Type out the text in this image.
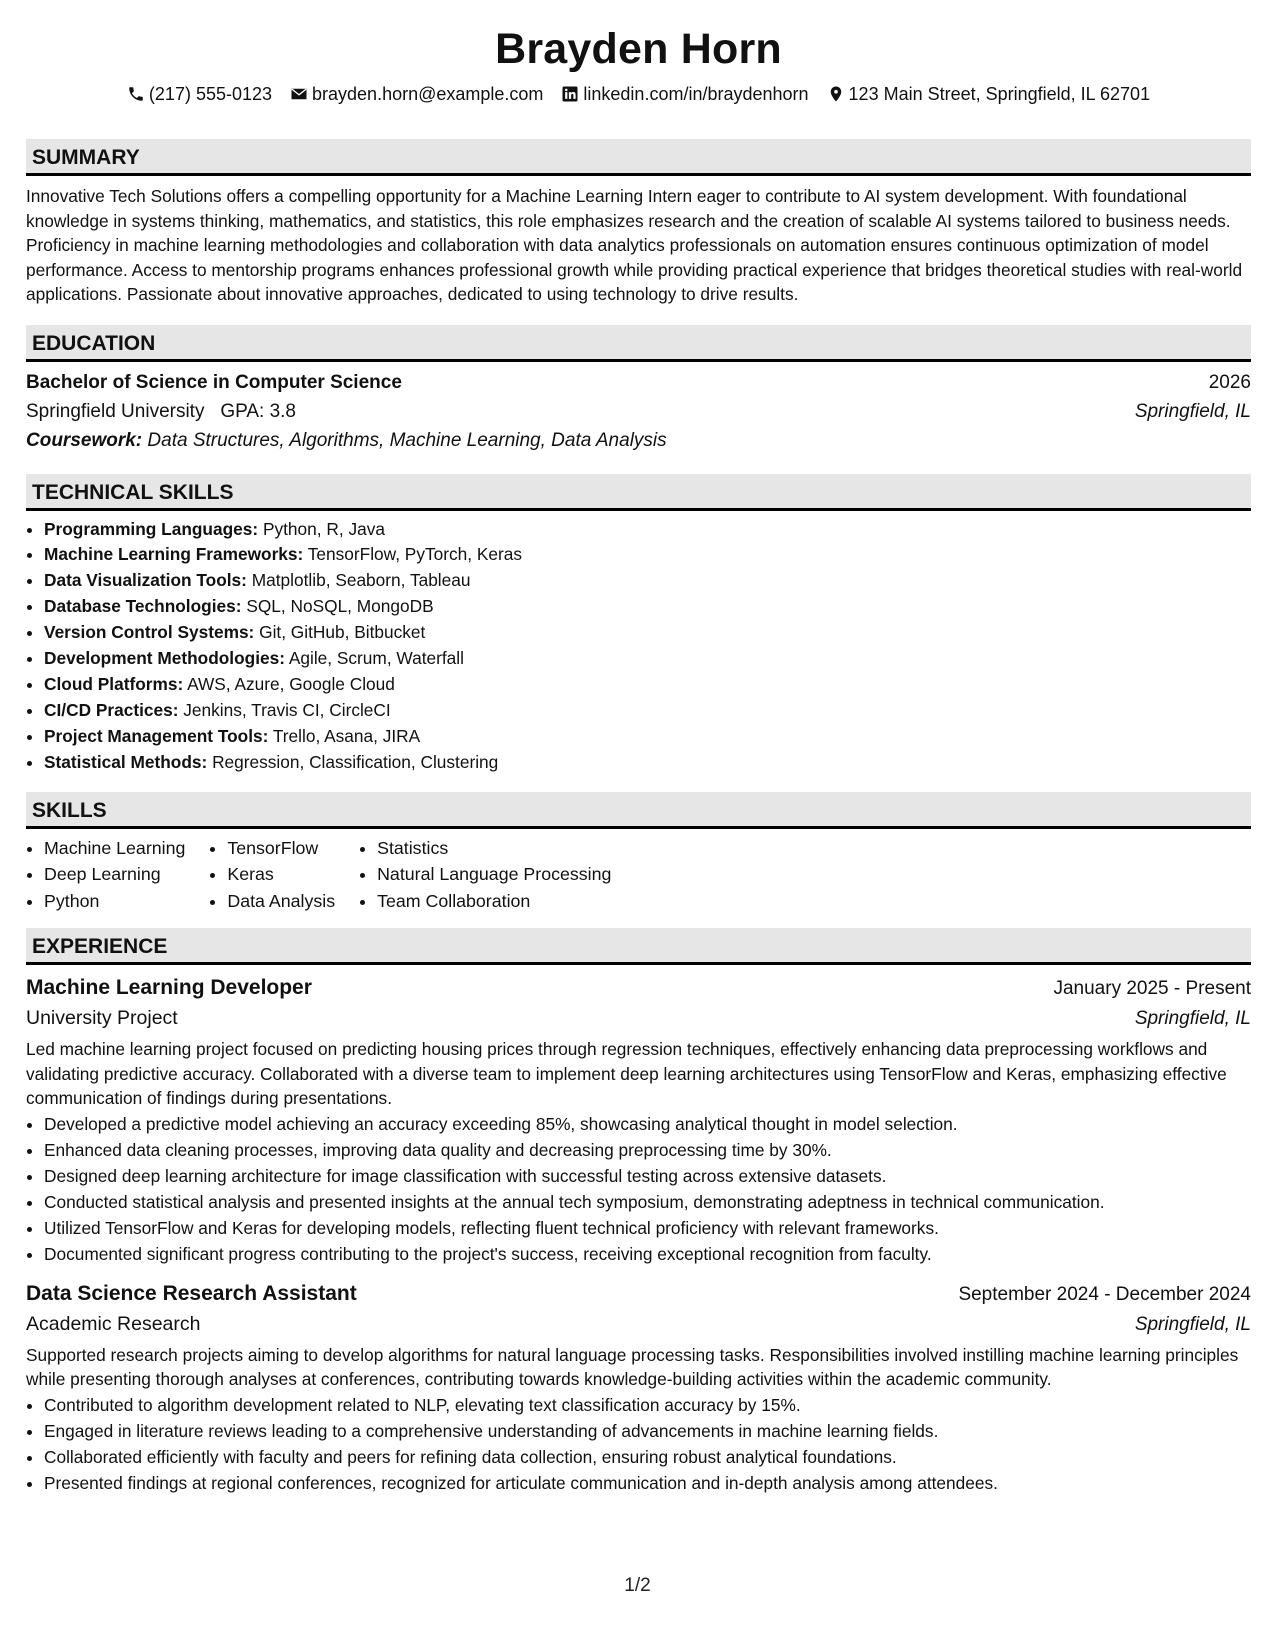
Brayden Horn
(217) 555-0123 brayden.horn@example.com linkedin.com/in/braydenhorn 123 Main Street, Springfield, IL 62701
SUMMARY
Innovative Tech Solutions offers a compelling opportunity for a Machine Learning Intern eager to contribute to AI system development. With foundational knowledge in systems thinking, mathematics, and statistics, this role emphasizes research and the creation of scalable AI systems tailored to business needs. Proficiency in machine learning methodologies and collaboration with data analytics professionals on automation ensures continuous optimization of model performance. Access to mentorship programs enhances professional growth while providing practical experience that bridges theoretical studies with real-world applications. Passionate about innovative approaches, dedicated to using technology to drive results.
EDUCATION
Bachelor of Science in Computer Science	2026
Springfield University GPA: 3.8	Springfield, IL
Coursework: Data Structures, Algorithms, Machine Learning, Data Analysis
TECHNICAL SKILLS
• Programming Languages: Python, R, Java
• Machine Learning Frameworks: TensorFlow, PyTorch, Keras
• Data Visualization Tools: Matplotlib, Seaborn, Tableau
• Database Technologies: SQL, NoSQL, MongoDB
• Version Control Systems: Git, GitHub, Bitbucket
• Development Methodologies: Agile, Scrum, Waterfall
• Cloud Platforms: AWS, Azure, Google Cloud
• CI/CD Practices: Jenkins, Travis CI, CircleCI
• Project Management Tools: Trello, Asana, JIRA
• Statistical Methods: Regression, Classification, Clustering
SKILLS
• Machine Learning
• Deep Learning
• Python
• TensorFlow
• Keras
• Data Analysis
• Statistics
• Natural Language Processing
• Team Collaboration
EXPERIENCE
Machine Learning Developer	January 2025 - Present
University Project	Springfield, IL
Led machine learning project focused on predicting housing prices through regression techniques, effectively enhancing data preprocessing workflows and validating predictive accuracy. Collaborated with a diverse team to implement deep learning architectures using TensorFlow and Keras, emphasizing effective communication of findings during presentations.
• Developed a predictive model achieving an accuracy exceeding 85%, showcasing analytical thought in model selection.
• Enhanced data cleaning processes, improving data quality and decreasing preprocessing time by 30%.
• Designed deep learning architecture for image classification with successful testing across extensive datasets.
• Conducted statistical analysis and presented insights at the annual tech symposium, demonstrating adeptness in technical communication.
• Utilized TensorFlow and Keras for developing models, reflecting fluent technical proficiency with relevant frameworks.
• Documented significant progress contributing to the project's success, receiving exceptional recognition from faculty.
Data Science Research Assistant	September 2024 - December 2024
Academic Research	Springfield, IL
Supported research projects aiming to develop algorithms for natural language processing tasks. Responsibilities involved instilling machine learning principles while presenting thorough analyses at conferences, contributing towards knowledge-building activities within the academic community.
• Contributed to algorithm development related to NLP, elevating text classification accuracy by 15%.
• Engaged in literature reviews leading to a comprehensive understanding of advancements in machine learning fields.
• Collaborated efficiently with faculty and peers for refining data collection, ensuring robust analytical foundations.
• Presented findings at regional conferences, recognized for articulate communication and in-depth analysis among attendees.
1/2
